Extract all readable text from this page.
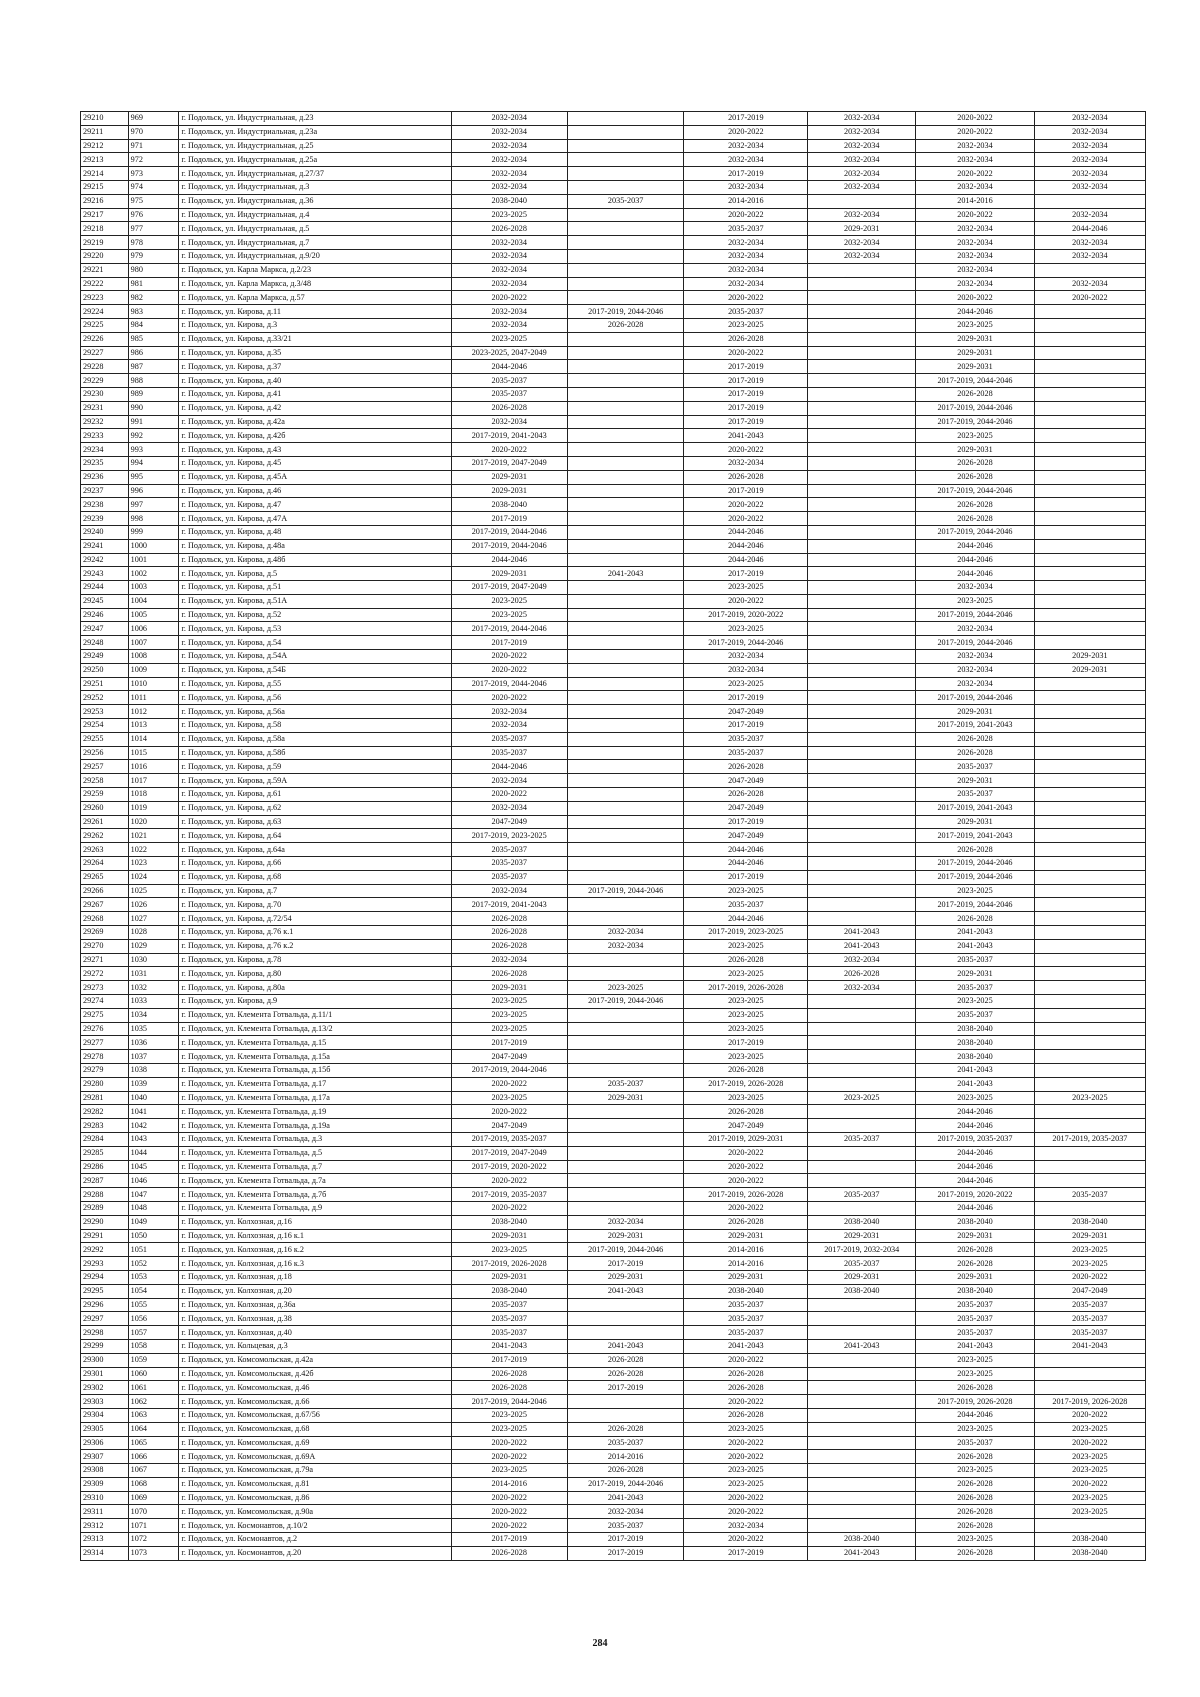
29210	969	г. Подольск, ул. Индустриальная, д.23	2032-2034		2017-2019	2032-2034	2020-2022	2032-2034
29211	970	г. Подольск, ул. Индустриальная, д.23а	2032-2034		2020-2022	2032-2034	2020-2022	2032-2034
29212	971	г. Подольск, ул. Индустриальная, д.25	2032-2034		2032-2034	2032-2034	2032-2034	2032-2034
29213	972	г. Подольск, ул. Индустриальная, д.25а	2032-2034		2032-2034	2032-2034	2032-2034	2032-2034
29214	973	г. Подольск, ул. Индустриальная, д.27/37	2032-2034		2017-2019	2032-2034	2020-2022	2032-2034
29215	974	г. Подольск, ул. Индустриальная, д.3	2032-2034		2032-2034	2032-2034	2032-2034	2032-2034
29216	975	г. Подольск, ул. Индустриальная, д.36	2038-2040	2035-2037	2014-2016		2014-2016	
29217	976	г. Подольск, ул. Индустриальная, д.4	2023-2025		2020-2022	2032-2034	2020-2022	2032-2034
29218	977	г. Подольск, ул. Индустриальная, д.5	2026-2028		2035-2037	2029-2031	2032-2034	2044-2046
29219	978	г. Подольск, ул. Индустриальная, д.7	2032-2034		2032-2034	2032-2034	2032-2034	2032-2034
29220	979	г. Подольск, ул. Индустриальная, д.9/20	2032-2034		2032-2034	2032-2034	2032-2034	2032-2034
29221	980	г. Подольск, ул. Карла Маркса, д.2/23	2032-2034		2032-2034		2032-2034	
29222	981	г. Подольск, ул. Карла Маркса, д.3/48	2032-2034		2032-2034		2032-2034	2032-2034
29223	982	г. Подольск, ул. Карла Маркса, д.57	2020-2022		2020-2022		2020-2022	2020-2022
29224	983	г. Подольск, ул. Кирова, д.11	2032-2034	2017-2019, 2044-2046	2035-2037		2044-2046	
29225	984	г. Подольск, ул. Кирова, д.3	2032-2034	2026-2028	2023-2025		2023-2025	
29226	985	г. Подольск, ул. Кирова, д.33/21	2023-2025		2026-2028		2029-2031	
29227	986	г. Подольск, ул. Кирова, д.35	2023-2025, 2047-2049		2020-2022		2029-2031	
29228	987	г. Подольск, ул. Кирова, д.37	2044-2046		2017-2019		2029-2031	
29229	988	г. Подольск, ул. Кирова, д.40	2035-2037		2017-2019		2017-2019, 2044-2046	
29230	989	г. Подольск, ул. Кирова, д.41	2035-2037		2017-2019		2026-2028	
29231	990	г. Подольск, ул. Кирова, д.42	2026-2028		2017-2019		2017-2019, 2044-2046	
29232	991	г. Подольск, ул. Кирова, д.42а	2032-2034		2017-2019		2017-2019, 2044-2046	
29233	992	г. Подольск, ул. Кирова, д.42б	2017-2019, 2041-2043		2041-2043		2023-2025	
29234	993	г. Подольск, ул. Кирова, д.43	2020-2022		2020-2022		2029-2031	
29235	994	г. Подольск, ул. Кирова, д.45	2017-2019, 2047-2049		2032-2034		2026-2028	
29236	995	г. Подольск, ул. Кирова, д.45А	2029-2031		2026-2028		2026-2028	
29237	996	г. Подольск, ул. Кирова, д.46	2029-2031		2017-2019		2017-2019, 2044-2046	
29238	997	г. Подольск, ул. Кирова, д.47	2038-2040		2020-2022		2026-2028	
29239	998	г. Подольск, ул. Кирова, д.47А	2017-2019		2020-2022		2026-2028	
29240	999	г. Подольск, ул. Кирова, д.48	2017-2019, 2044-2046		2044-2046		2017-2019, 2044-2046	
29241	1000	г. Подольск, ул. Кирова, д.48а	2017-2019, 2044-2046		2044-2046		2044-2046	
29242	1001	г. Подольск, ул. Кирова, д.48б	2044-2046		2044-2046		2044-2046	
29243	1002	г. Подольск, ул. Кирова, д.5	2029-2031	2041-2043	2017-2019		2044-2046	
29244	1003	г. Подольск, ул. Кирова, д.51	2017-2019, 2047-2049		2023-2025		2032-2034	
29245	1004	г. Подольск, ул. Кирова, д.51А	2023-2025		2020-2022		2023-2025	
29246	1005	г. Подольск, ул. Кирова, д.52	2023-2025		2017-2019, 2020-2022		2017-2019, 2044-2046	
29247	1006	г. Подольск, ул. Кирова, д.53	2017-2019, 2044-2046		2023-2025		2032-2034	
29248	1007	г. Подольск, ул. Кирова, д.54	2017-2019		2017-2019, 2044-2046		2017-2019, 2044-2046	
29249	1008	г. Подольск, ул. Кирова, д.54А	2020-2022		2032-2034		2032-2034	2029-2031
29250	1009	г. Подольск, ул. Кирова, д.54Б	2020-2022		2032-2034		2032-2034	2029-2031
29251	1010	г. Подольск, ул. Кирова, д.55	2017-2019, 2044-2046		2023-2025		2032-2034	
29252	1011	г. Подольск, ул. Кирова, д.56	2020-2022		2017-2019		2017-2019, 2044-2046	
29253	1012	г. Подольск, ул. Кирова, д.56а	2032-2034		2047-2049		2029-2031	
29254	1013	г. Подольск, ул. Кирова, д.58	2032-2034		2017-2019		2017-2019, 2041-2043	
29255	1014	г. Подольск, ул. Кирова, д.58а	2035-2037		2035-2037		2026-2028	
29256	1015	г. Подольск, ул. Кирова, д.58б	2035-2037		2035-2037		2026-2028	
29257	1016	г. Подольск, ул. Кирова, д.59	2044-2046		2026-2028		2035-2037	
29258	1017	г. Подольск, ул. Кирова, д.59А	2032-2034		2047-2049		2029-2031	
29259	1018	г. Подольск, ул. Кирова, д.61	2020-2022		2026-2028		2035-2037	
29260	1019	г. Подольск, ул. Кирова, д.62	2032-2034		2047-2049		2017-2019, 2041-2043	
29261	1020	г. Подольск, ул. Кирова, д.63	2047-2049		2017-2019		2029-2031	
29262	1021	г. Подольск, ул. Кирова, д.64	2017-2019, 2023-2025		2047-2049		2017-2019, 2041-2043	
29263	1022	г. Подольск, ул. Кирова, д.64а	2035-2037		2044-2046		2026-2028	
29264	1023	г. Подольск, ул. Кирова, д.66	2035-2037		2044-2046		2017-2019, 2044-2046	
29265	1024	г. Подольск, ул. Кирова, д.68	2035-2037		2017-2019		2017-2019, 2044-2046	
29266	1025	г. Подольск, ул. Кирова, д.7	2032-2034	2017-2019, 2044-2046	2023-2025		2023-2025	
29267	1026	г. Подольск, ул. Кирова, д.70	2017-2019, 2041-2043		2035-2037		2017-2019, 2044-2046	
29268	1027	г. Подольск, ул. Кирова, д.72/54	2026-2028		2044-2046		2026-2028	
29269	1028	г. Подольск, ул. Кирова, д.76 к.1	2026-2028	2032-2034	2017-2019, 2023-2025	2041-2043	2041-2043	
29270	1029	г. Подольск, ул. Кирова, д.76 к.2	2026-2028	2032-2034	2023-2025	2041-2043	2041-2043	
29271	1030	г. Подольск, ул. Кирова, д.78	2032-2034		2026-2028	2032-2034	2035-2037	
29272	1031	г. Подольск, ул. Кирова, д.80	2026-2028		2023-2025	2026-2028	2029-2031	
29273	1032	г. Подольск, ул. Кирова, д.80а	2029-2031	2023-2025	2017-2019, 2026-2028	2032-2034	2035-2037	
29274	1033	г. Подольск, ул. Кирова, д.9	2023-2025	2017-2019, 2044-2046	2023-2025		2023-2025	
29275	1034	г. Подольск, ул. Клемента Готвальда, д.11/1	2023-2025		2023-2025		2035-2037	
29276	1035	г. Подольск, ул. Клемента Готвальда, д.13/2	2023-2025		2023-2025		2038-2040	
29277	1036	г. Подольск, ул. Клемента Готвальда, д.15	2017-2019		2017-2019		2038-2040	
29278	1037	г. Подольск, ул. Клемента Готвальда, д.15а	2047-2049		2023-2025		2038-2040	
29279	1038	г. Подольск, ул. Клемента Готвальда, д.15б	2017-2019, 2044-2046		2026-2028		2041-2043	
29280	1039	г. Подольск, ул. Клемента Готвальда, д.17	2020-2022	2035-2037	2017-2019, 2026-2028		2041-2043	
29281	1040	г. Подольск, ул. Клемента Готвальда, д.17а	2023-2025	2029-2031	2023-2025	2023-2025	2023-2025	2023-2025
29282	1041	г. Подольск, ул. Клемента Готвальда, д.19	2020-2022		2026-2028		2044-2046	
29283	1042	г. Подольск, ул. Клемента Готвальда, д.19а	2047-2049		2047-2049		2044-2046	
29284	1043	г. Подольск, ул. Клемента Готвальда, д.3	2017-2019, 2035-2037		2017-2019, 2029-2031	2035-2037	2017-2019, 2035-2037	2017-2019, 2035-2037
29285	1044	г. Подольск, ул. Клемента Готвальда, д.5	2017-2019, 2047-2049		2020-2022		2044-2046	
29286	1045	г. Подольск, ул. Клемента Готвальда, д.7	2017-2019, 2020-2022		2020-2022		2044-2046	
29287	1046	г. Подольск, ул. Клемента Готвальда, д.7а	2020-2022		2020-2022		2044-2046	
29288	1047	г. Подольск, ул. Клемента Готвальда, д.7б	2017-2019, 2035-2037		2017-2019, 2026-2028	2035-2037	2017-2019, 2020-2022	2035-2037
29289	1048	г. Подольск, ул. Клемента Готвальда, д.9	2020-2022		2020-2022		2044-2046	
29290	1049	г. Подольск, ул. Колхозная, д.16	2038-2040	2032-2034	2026-2028	2038-2040	2038-2040	2038-2040
29291	1050	г. Подольск, ул. Колхозная, д.16 к.1	2029-2031	2029-2031	2029-2031	2029-2031	2029-2031	2029-2031
29292	1051	г. Подольск, ул. Колхозная, д.16 к.2	2023-2025	2017-2019, 2044-2046	2014-2016	2017-2019, 2032-2034	2026-2028	2023-2025
29293	1052	г. Подольск, ул. Колхозная, д.16 к.3	2017-2019, 2026-2028	2017-2019	2014-2016	2035-2037	2026-2028	2023-2025
29294	1053	г. Подольск, ул. Колхозная, д.18	2029-2031	2029-2031	2029-2031	2029-2031	2029-2031	2020-2022
29295	1054	г. Подольск, ул. Колхозная, д.20	2038-2040	2041-2043	2038-2040	2038-2040	2038-2040	2047-2049
29296	1055	г. Подольск, ул. Колхозная, д.36а	2035-2037		2035-2037		2035-2037	2035-2037
29297	1056	г. Подольск, ул. Колхозная, д.38	2035-2037		2035-2037		2035-2037	2035-2037
29298	1057	г. Подольск, ул. Колхозная, д.40	2035-2037		2035-2037		2035-2037	2035-2037
29299	1058	г. Подольск, ул. Кольцевая, д.3	2041-2043	2041-2043	2041-2043	2041-2043	2041-2043	2041-2043
29300	1059	г. Подольск, ул. Комсомольская, д.42а	2017-2019	2026-2028	2020-2022		2023-2025	
29301	1060	г. Подольск, ул. Комсомольская, д.42б	2026-2028	2026-2028	2026-2028		2023-2025	
29302	1061	г. Подольск, ул. Комсомольская, д.46	2026-2028	2017-2019	2026-2028		2026-2028	
29303	1062	г. Подольск, ул. Комсомольская, д.66	2017-2019, 2044-2046		2020-2022		2017-2019, 2026-2028	2017-2019, 2026-2028
29304	1063	г. Подольск, ул. Комсомольская, д.67/56	2023-2025		2026-2028		2044-2046	2020-2022
29305	1064	г. Подольск, ул. Комсомольская, д.68	2023-2025	2026-2028	2023-2025		2023-2025	2023-2025
29306	1065	г. Подольск, ул. Комсомольская, д.69	2020-2022	2035-2037	2020-2022		2035-2037	2020-2022
29307	1066	г. Подольск, ул. Комсомольская, д.69А	2020-2022	2014-2016	2020-2022		2026-2028	2023-2025
29308	1067	г. Подольск, ул. Комсомольская, д.79а	2023-2025	2026-2028	2023-2025		2023-2025	2023-2025
29309	1068	г. Подольск, ул. Комсомольская, д.81	2014-2016	2017-2019, 2044-2046	2023-2025		2026-2028	2020-2022
29310	1069	г. Подольск, ул. Комсомольская, д.86	2020-2022	2041-2043	2020-2022		2026-2028	2023-2025
29311	1070	г. Подольск, ул. Комсомольская, д.90а	2020-2022	2032-2034	2020-2022		2026-2028	2023-2025
29312	1071	г. Подольск, ул. Космонавтов, д.10/2	2020-2022	2035-2037	2032-2034		2026-2028	
29313	1072	г. Подольск, ул. Космонавтов, д.2	2017-2019	2017-2019	2020-2022	2038-2040	2023-2025	2038-2040
29314	1073	г. Подольск, ул. Космонавтов, д.20	2026-2028	2017-2019	2017-2019	2041-2043	2026-2028	2038-2040
284
